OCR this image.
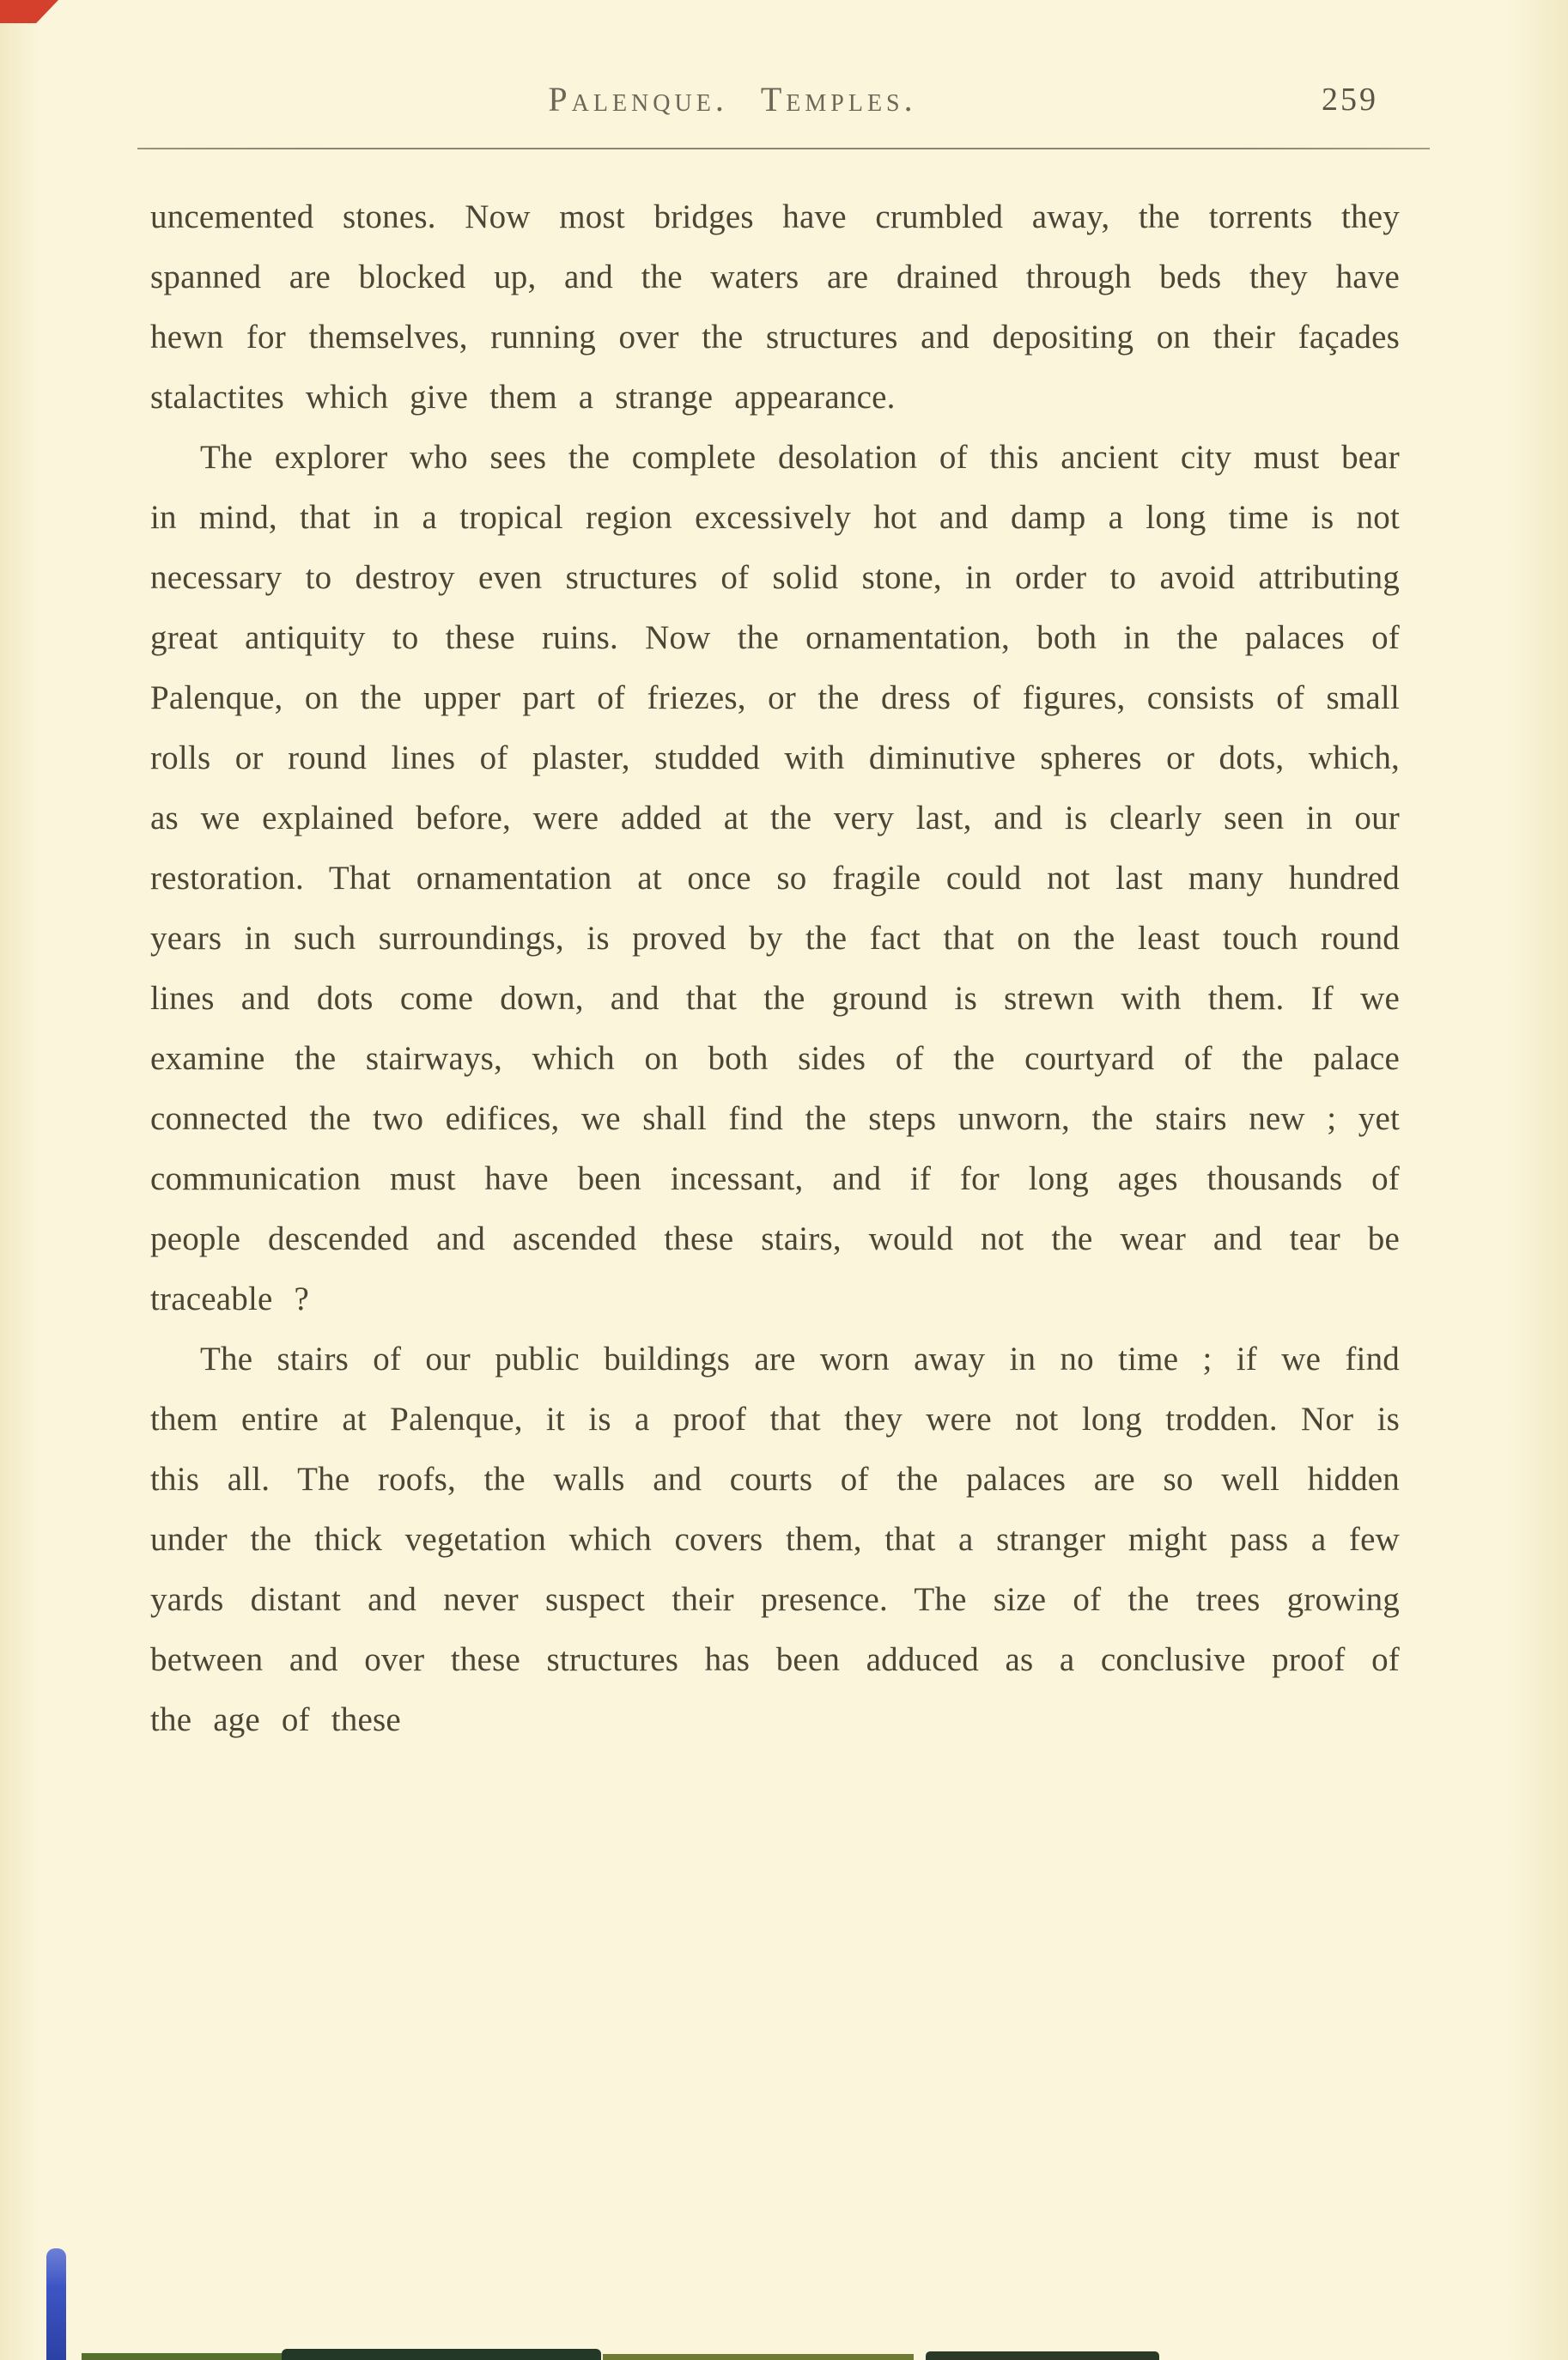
Palenque. Temples.	259

uncemented stones. Now most bridges have crumbled away, the torrents they spanned are blocked up, and the waters are drained through beds they have hewn for themselves, running over the structures and depositing on their façades stalactites which give them a strange appearance.

The explorer who sees the complete desolation of this ancient city must bear in mind, that in a tropical region excessively hot and damp a long time is not necessary to destroy even structures of solid stone, in order to avoid attributing great antiquity to these ruins. Now the ornamentation, both in the palaces of Palenque, on the upper part of friezes, or the dress of figures, consists of small rolls or round lines of plaster, studded with diminutive spheres or dots, which, as we explained before, were added at the very last, and is clearly seen in our restoration. That ornamentation at once so fragile could not last many hundred years in such surroundings, is proved by the fact that on the least touch round lines and dots come down, and that the ground is strewn with them. If we examine the stairways, which on both sides of the courtyard of the palace connected the two edifices, we shall find the steps unworn, the stairs new ; yet communication must have been incessant, and if for long ages thousands of people descended and ascended these stairs, would not the wear and tear be traceable ?

The stairs of our public buildings are worn away in no time ; if we find them entire at Palenque, it is a proof that they were not long trodden. Nor is this all. The roofs, the walls and courts of the palaces are so well hidden under the thick vegetation which covers them, that a stranger might pass a few yards distant and never suspect their presence. The size of the trees growing between and over these structures has been adduced as a conclusive proof of the age of these
